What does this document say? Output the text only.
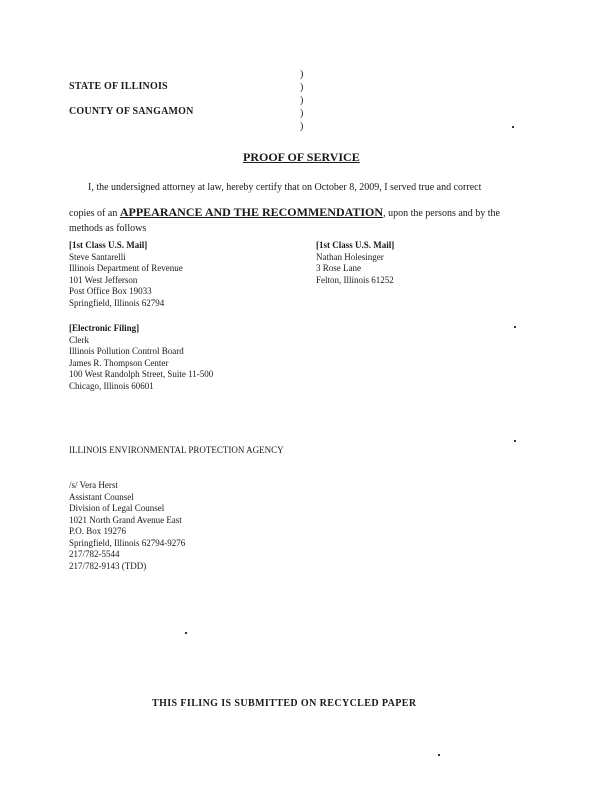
STATE OF ILLINOIS
COUNTY OF SANGAMON
)
)
)
)
)
PROOF OF SERVICE
I, the undersigned attorney at law, hereby certify that on October 8, 2009, I served true and correct
copies of an APPEARANCE AND THE RECOMMENDATION, upon the persons and by the
methods as follows
[1st Class U.S. Mail]
Steve Santarelli
Illinois Department of Revenue
101 West Jefferson
Post Office Box 19033
Springfield, Illinois 62794
[1st Class U.S. Mail]
Nathan Holesinger
3 Rose Lane
Felton, Illinois 61252
[Electronic Filing]
Clerk
Illinois Pollution Control Board
James R. Thompson Center
100 West Randolph Street, Suite 11-500
Chicago, Illinois 60601
ILLINOIS ENVIRONMENTAL PROTECTION AGENCY
/s/ Vera Herst
Assistant Counsel
Division of Legal Counsel
1021 North Grand Avenue East
P.O. Box 19276
Springfield, Illinois 62794-9276
217/782-5544
217/782-9143 (TDD)
THIS FILING IS SUBMITTED ON RECYCLED PAPER
